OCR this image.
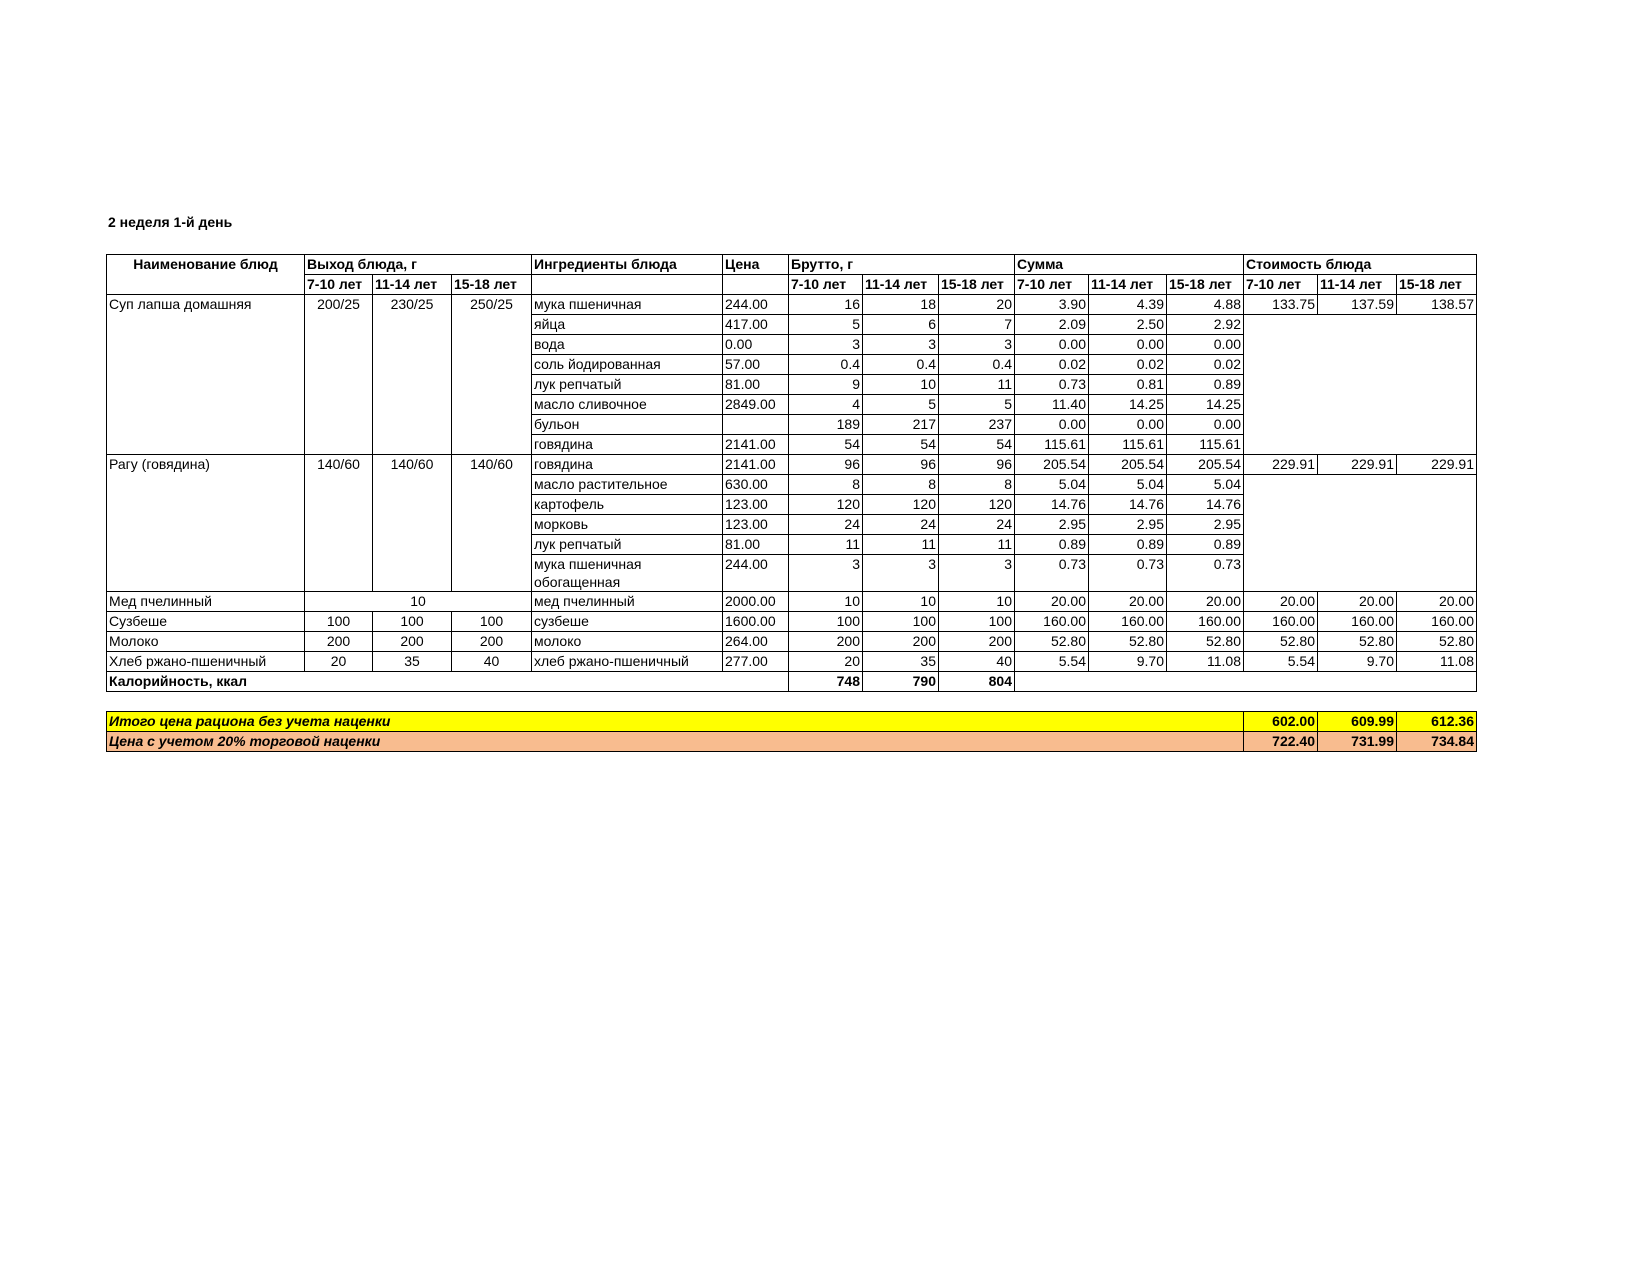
2 неделя 1-й день
Наименование блюд	Выход блюда, г			Ингредиенты блюда	Цена	Брутто, г			Сумма			Стоимость блюда		
	7-10 лет	11-14 лет	15-18 лет			7-10 лет	11-14 лет	15-18 лет	7-10 лет	11-14 лет	15-18 лет	7-10 лет	11-14 лет	15-18 лет
Суп лапша домашняя	200/25	230/25	250/25	мука пшеничная	244.00	16	18	20	3.90	4.39	4.88	133.75	137.59	138.57
				яйца	417.00	5	6	7	2.09	2.50	2.92			
				вода	0.00	3	3	3	0.00	0.00	0.00			
				соль йодированная	57.00	0.4	0.4	0.4	0.02	0.02	0.02			
				лук репчатый	81.00	9	10	11	0.73	0.81	0.89			
				масло сливочное	2849.00	4	5	5	11.40	14.25	14.25			
				бульон		189	217	237	0.00	0.00	0.00			
				говядина	2141.00	54	54	54	115.61	115.61	115.61			
Рагу (говядина)	140/60	140/60	140/60	говядина	2141.00	96	96	96	205.54	205.54	205.54	229.91	229.91	229.91
				масло растительное	630.00	8	8	8	5.04	5.04	5.04			
				картофель	123.00	120	120	120	14.76	14.76	14.76			
				морковь	123.00	24	24	24	2.95	2.95	2.95			
				лук репчатый	81.00	11	11	11	0.89	0.89	0.89			
				мука пшеничная обогащенная	244.00	3	3	3	0.73	0.73	0.73			
Мед пчелинный	10			мед пчелинный	2000.00	10	10	10	20.00	20.00	20.00	20.00	20.00	20.00
Сузбеше	100	100	100	сузбеше	1600.00	100	100	100	160.00	160.00	160.00	160.00	160.00	160.00
Молоко	200	200	200	молоко	264.00	200	200	200	52.80	52.80	52.80	52.80	52.80	52.80
Хлеб ржано-пшеничный	20	35	40	хлеб ржано-пшеничный	277.00	20	35	40	5.54	9.70	11.08	5.54	9.70	11.08
Калорийность, ккал						748	790	804						

Итого цена рациона без учета наценки												602.00	609.99	612.36
Цена с учетом 20% торговой наценки												722.40	731.99	734.84
